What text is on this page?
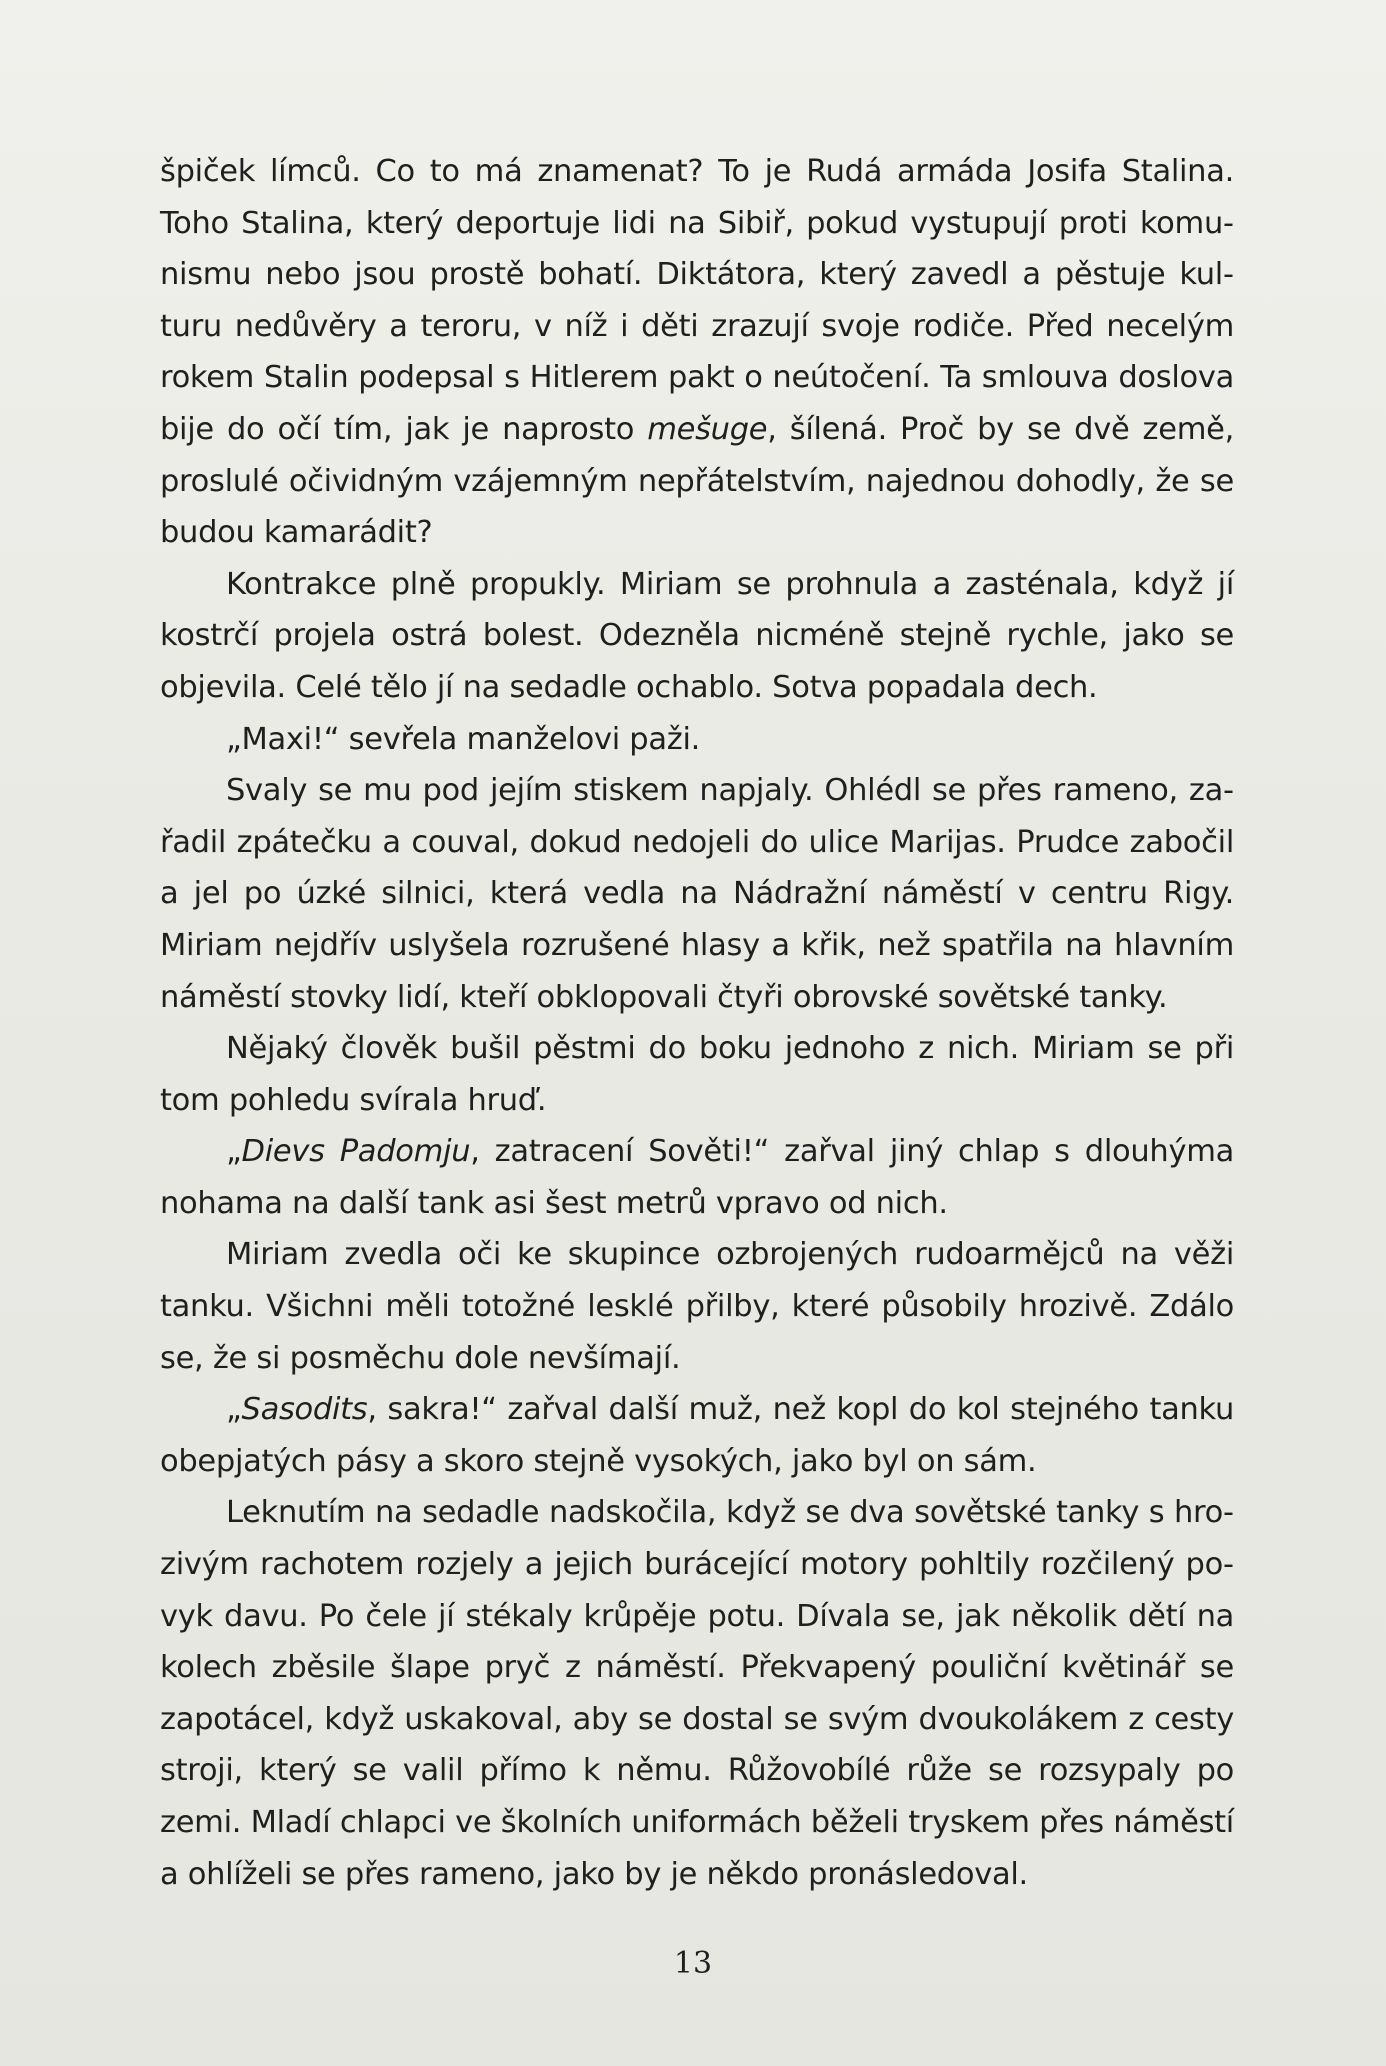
špiček límců. Co to má znamenat? To je Rudá armáda Josifa Stalina. Toho Stalina, který deportuje lidi na Sibiř, pokud vystupují proti komunismu nebo jsou prostě bohatí. Diktátora, který zavedl a pěstuje kulturu nedůvěry a teroru, v níž i děti zrazují svoje rodiče. Před necelým rokem Stalin podepsal s Hitlerem pakt o neútočení. Ta smlouva doslova bije do očí tím, jak je naprosto mešuge, šílená. Proč by se dvě země, proslulé očividným vzájemným nepřátelstvím, najednou dohodly, že se budou kamarádit?

Kontrakce plně propukly. Miriam se prohnula a zasténala, když jí kostrčí projela ostrá bolest. Odezněla nicméně stejně rychle, jako se objevila. Celé tělo jí na sedadle ochablo. Sotva popadala dech.

„Maxi!“ sevřela manželovi paži.

Svaly se mu pod jejím stiskem napjaly. Ohlédl se přes rameno, zařadil zpátečku a couval, dokud nedojeli do ulice Marijas. Prudce zabočil a jel po úzké silnici, která vedla na Nádražní náměstí v centru Rigy. Miriam nejdřív uslyšela rozrušené hlasy a křik, než spatřila na hlavním náměstí stovky lidí, kteří obklopovali čtyři obrovské sovětské tanky.

Nějaký člověk bušil pěstmi do boku jednoho z nich. Miriam se při tom pohledu svírala hruď.

„Dievs Padomju, zatracení Sověti!“ zařval jiný chlap s dlouhýma nohama na další tank asi šest metrů vpravo od nich.

Miriam zvedla oči ke skupince ozbrojených rudoarmějců na věži tanku. Všichni měli totožné lesklé přilby, které působily hrozivě. Zdálo se, že si posměchu dole nevšímají.

„Sasodits, sakra!“ zařval další muž, než kopl do kol stejného tanku obepjatých pásy a skoro stejně vysokých, jako byl on sám.

Leknutím na sedadle nadskočila, když se dva sovětské tanky s hrozivým rachotem rozjely a jejich burácející motory pohltily rozčilený povyk davu. Po čele jí stékaly krůpěje potu. Dívala se, jak několik dětí na kolech zběsile šlape pryč z náměstí. Překvapený pouliční květinář se zapotácel, když uskakoval, aby se dostal se svým dvoukolákem z cesty stroji, který se valil přímo k němu. Růžovobílé růže se rozsypaly po zemi. Mladí chlapci ve školních uniformách běželi tryskem přes náměstí a ohlíželi se přes rameno, jako by je někdo pronásledoval.

13
